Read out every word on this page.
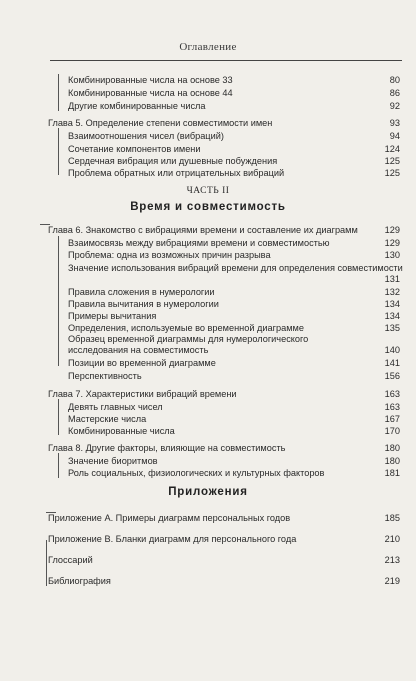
Оглавление
Комбинированные числа на основе 33	80
Комбинированные числа на основе 44	86
Другие комбинированные числа	92
Глава 5. Определение степени совместимости имен	93
Взаимоотношения чисел (вибраций)	94
Сочетание компонентов имени	124
Сердечная вибрация или душевные побуждения	125
Проблема обратных или отрицательных вибраций	125
ЧАСТЬ II
Время и совместимость
Глава 6. Знакомство с вибрациями времени и составление их диаграмм	129
Взаимосвязь между вибрациями времени и совместимостью	129
Проблема: одна из возможных причин разрыва	130
Значение использования вибраций времени для определения совместимости
131
Правила сложения в нумерологии	132
Правила вычитания в нумерологии	134
Примеры вычитания	134
Определения, используемые во временной диаграмме	135
Образец временной диаграммы для нумерологического исследования на совместимость	140
Позиции во временной диаграмме	141
Перспективность	156
Глава 7. Характеристики вибраций времени	163
Девять главных чисел	163
Мастерские числа	167
Комбинированные числа	170
Глава 8. Другие факторы, влияющие на совместимость	180
Значение биоритмов	180
Роль социальных, физиологических и культурных факторов	181
Приложения
Приложение А. Примеры диаграмм персональных годов	185
Приложение В. Бланки диаграмм для персонального года	210
Глоссарий	213
Библиография	219
